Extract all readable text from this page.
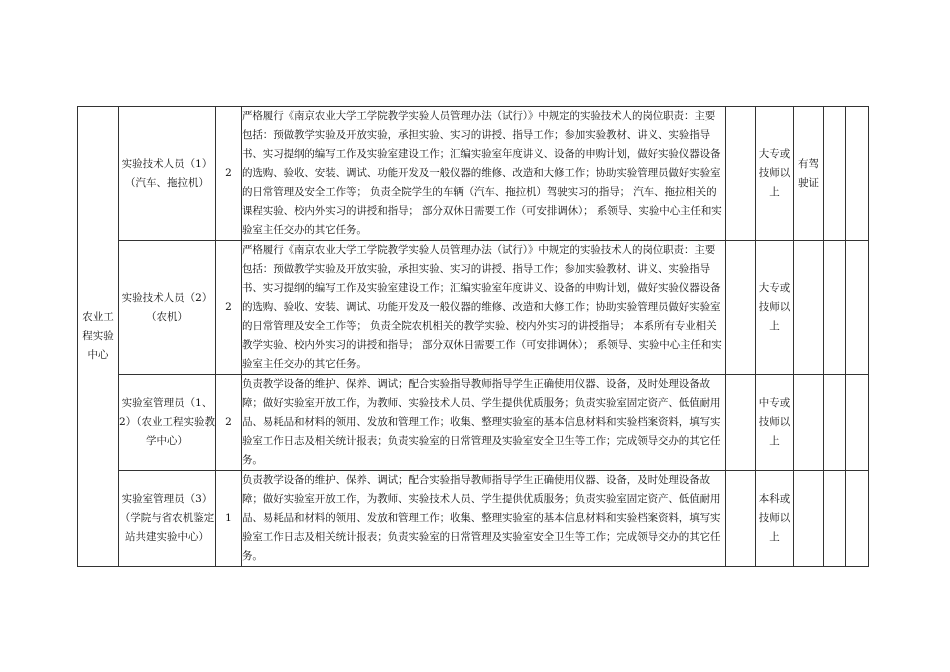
农业工程实验中心	实验技术人员（1）（汽车、拖拉机）	2	严格履行《南京农业大学工学院教学实验人员管理办法（试行）》中规定的实验技术人的岗位职责：主要包括：预做教学实验及开放实验，承担实验、实习的讲授、指导工作；参加实验教材、讲义、实验指导书、实习提纲的编写工作及实验室建设工作；汇编实验室年度讲义、设备的申购计划，做好实验仪器设备的选购、验收、安装、调试、功能开发及一般仪器的维修、改造和大修工作；协助实验管理员做好实验室的日常管理及安全工作等； 负责全院学生的车辆（汽车、拖拉机）驾驶实习的指导； 汽车、拖拉相关的课程实验、校内外实习的讲授和指导； 部分双休日需要工作（可安排调休）； 系领导、实验中心主任和实验室主任交办的其它任务。		大专或技师以上	有驾驶证		
	实验技术人员（2）（农机）	2	严格履行《南京农业大学工学院教学实验人员管理办法（试行）》中规定的实验技术人的岗位职责：主要包括：预做教学实验及开放实验，承担实验、实习的讲授、指导工作；参加实验教材、讲义、实验指导书、实习提纲的编写工作及实验室建设工作；汇编实验室年度讲义、设备的申购计划，做好实验仪器设备的选购、验收、安装、调试、功能开发及一般仪器的维修、改造和大修工作；协助实验管理员做好实验室的日常管理及安全工作等； 负责全院农机相关的教学实验、校内外实习的讲授指导； 本系所有专业相关教学实验、校内外实习的讲授和指导； 部分双休日需要工作（可安排调休）； 系领导、实验中心主任和实验室主任交办的其它任务。		大专或技师以上			
	实验室管理员（1、2）（农业工程实验教学中心）	2	负责教学设备的维护、保养、调试；配合实验指导教师指导学生正确使用仪器、设备，及时处理设备故障；做好实验室开放工作，为教师、实验技术人员、学生提供优质服务；负责实验室固定资产、低值耐用品、易耗品和材料的领用、发放和管理工作；收集、整理实验室的基本信息材料和实验档案资料，填写实验室工作日志及相关统计报表；负责实验室的日常管理及实验室安全卫生等工作；完成领导交办的其它任务。		中专或技师以上			
	实验室管理员（3）（学院与省农机鉴定站共建实验中心）	1	负责教学设备的维护、保养、调试；配合实验指导教师指导学生正确使用仪器、设备，及时处理设备故障；做好实验室开放工作，为教师、实验技术人员、学生提供优质服务；负责实验室固定资产、低值耐用品、易耗品和材料的领用、发放和管理工作；收集、整理实验室的基本信息材料和实验档案资料，填写实验室工作日志及相关统计报表；负责实验室的日常管理及实验室安全卫生等工作；完成领导交办的其它任务。		本科或技师以上			
